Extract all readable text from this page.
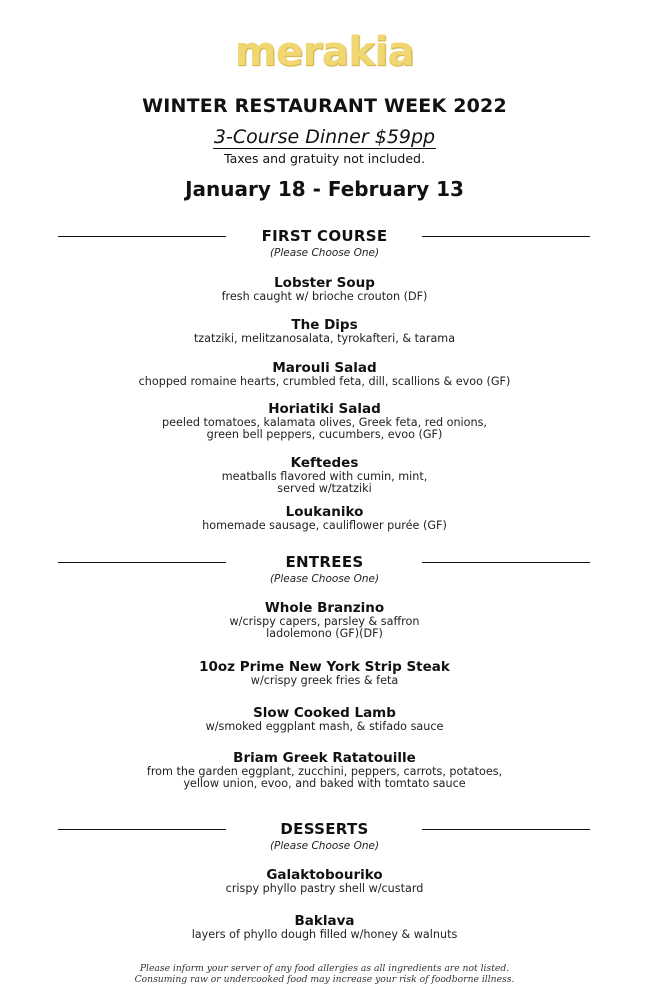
merakia
WINTER RESTAURANT WEEK 2022
3-Course Dinner $59pp
Taxes and gratuity not included.
January 18 - February 13
FIRST COURSE
(Please Choose One)
Lobster Soup
fresh caught w/ brioche crouton (DF)
The Dips
tzatziki, melitzanosalata, tyrokafteri, & tarama
Marouli Salad
chopped romaine hearts, crumbled feta, dill, scallions & evoo (GF)
Horiatiki Salad
peeled tomatoes, kalamata olives, Greek feta, red onions,
green bell peppers, cucumbers, evoo (GF)
Keftedes
meatballs flavored with cumin, mint,
served w/tzatziki
Loukaniko
homemade sausage, cauliflower purée (GF)
ENTREES
(Please Choose One)
Whole Branzino
w/crispy capers, parsley & saffron
ladolemono (GF)(DF)
10oz Prime New York Strip Steak
w/crispy greek fries & feta
Slow Cooked Lamb
w/smoked eggplant mash, & stifado sauce
Briam Greek Ratatouille
from the garden eggplant, zucchini, peppers, carrots, potatoes,
yellow union, evoo, and baked with tomtato sauce
DESSERTS
(Please Choose One)
Galaktobouriko
crispy phyllo pastry shell w/custard
Baklava
layers of phyllo dough filled w/honey & walnuts
Please inform your server of any food allergies as all ingredients are not listed.
Consuming raw or undercooked food may increase your risk of foodborne illness.
